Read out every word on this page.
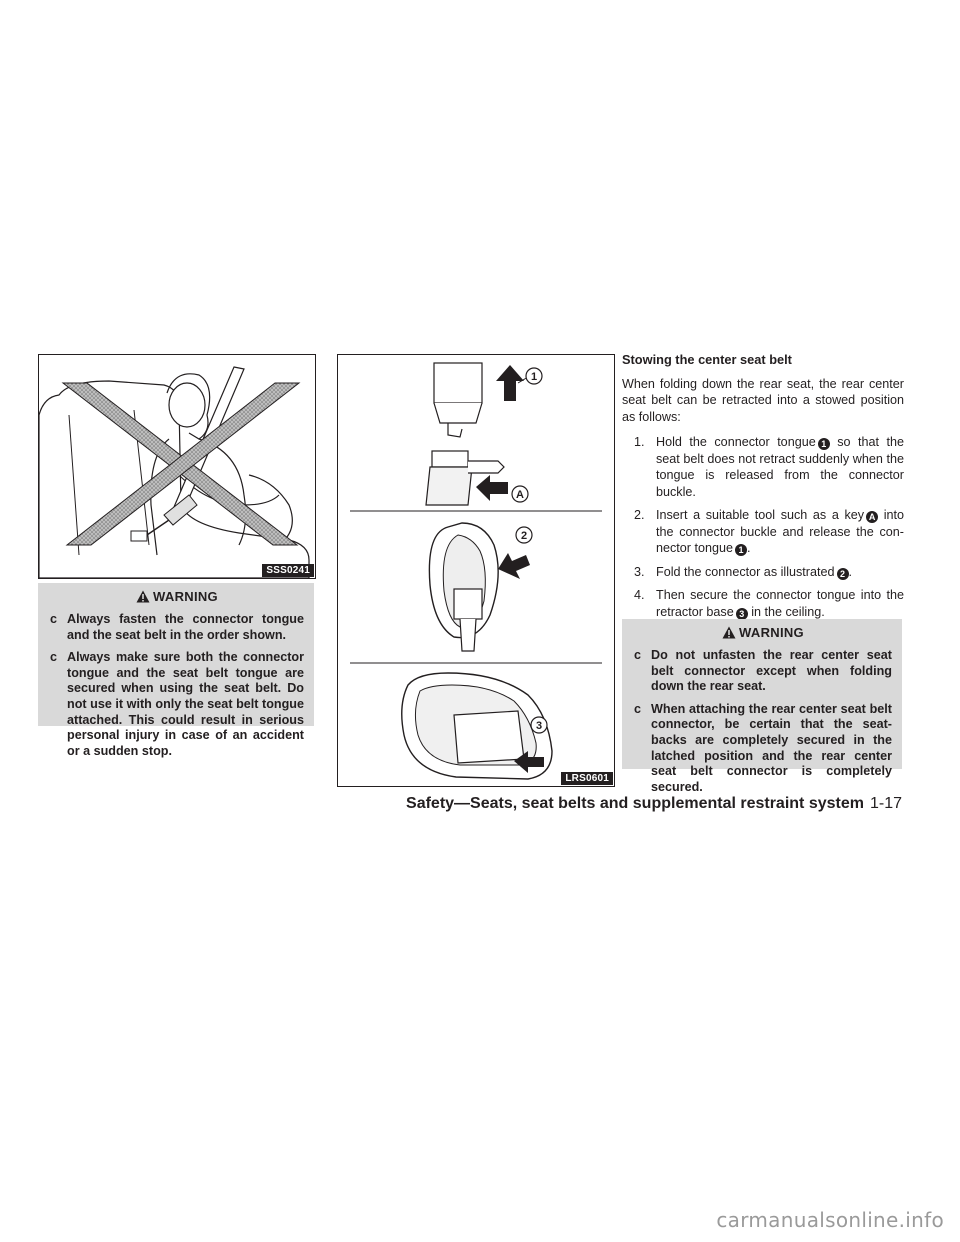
SSS0241
WARNING
c Always fasten the connector tongue and the seat belt in the order shown.
c Always make sure both the connector tongue and the seat belt tongue are secured when using the seat belt. Do not use it with only the seat belt tongue attached. This could result in serious personal injury in case of an accident or a sudden stop.
1
A
2
3
LRS0601
Stowing the center seat belt
When folding down the rear seat, the rear center seat belt can be retracted into a stowed position as follows:
1. Hold the connector tongue 1 so that the seat belt does not retract suddenly when the tongue is released from the connector buckle.
2. Insert a suitable tool such as a key A into the connector buckle and release the con- nector tongue 1 .
3. Fold the connector as illustrated 2 .
4. Then secure the connector tongue into the retractor base 3 in the ceiling.
WARNING
c Do not unfasten the rear center seat belt connector except when folding down the rear seat.
c When attaching the rear center seat belt connector, be certain that the seat- backs are completely secured in the latched position and the rear center seat belt connector is completely secured.
Safety—Seats, seat belts and supplemental restraint system 1-17
carmanualsonline.info
